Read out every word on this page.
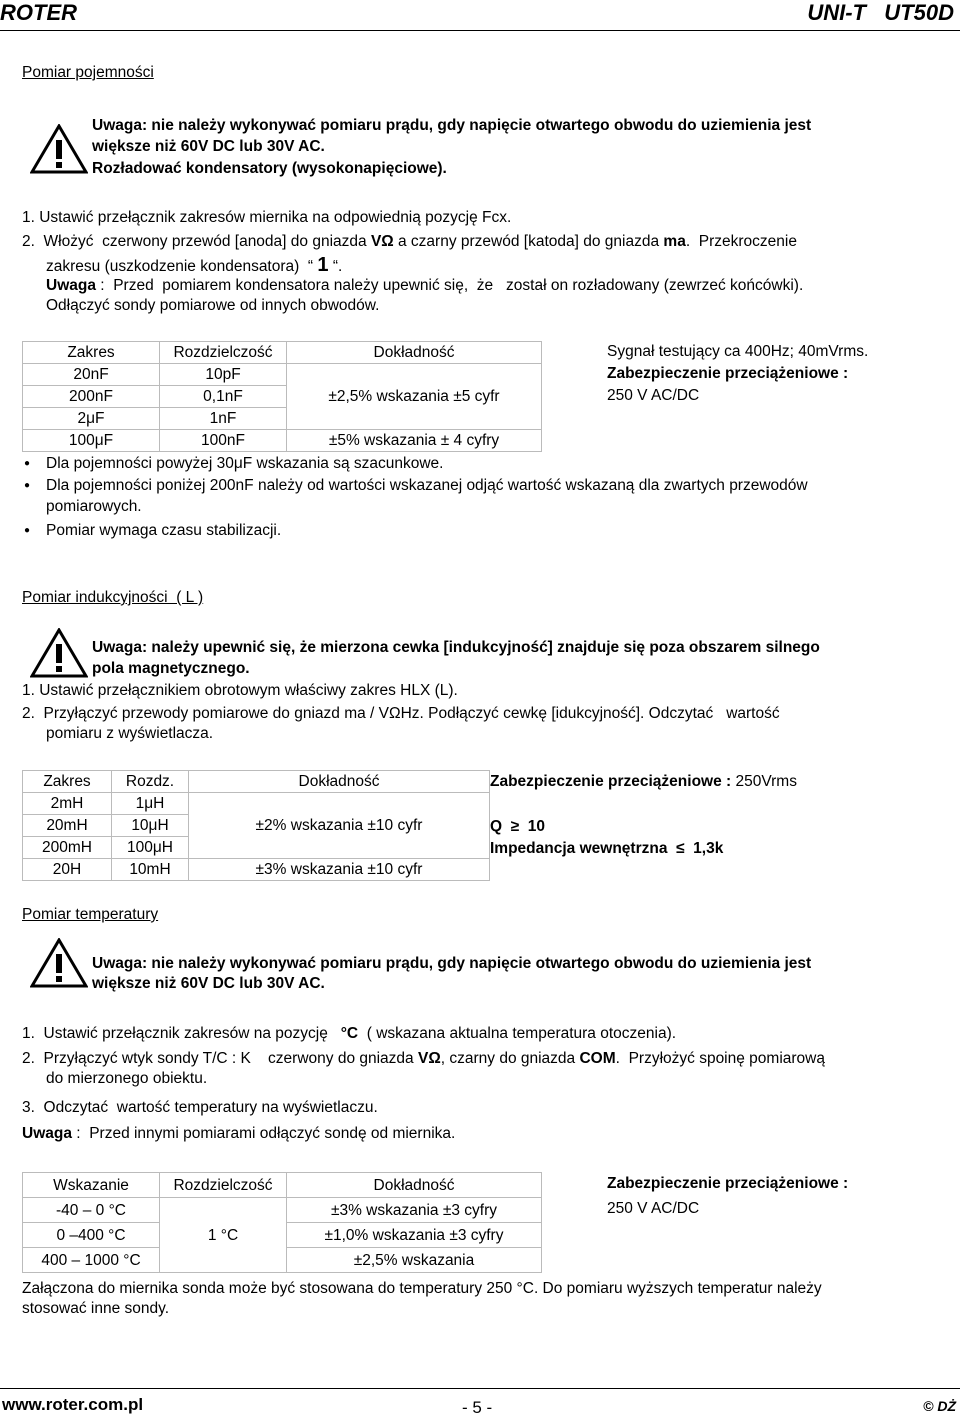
ROTER	UNI-T   UT50D
Pomiar pojemności
Uwaga: nie należy wykonywać pomiaru prądu, gdy napięcie otwartego obwodu do uziemienia jest
większe niż 60V DC lub 30V AC.
Rozładować kondensatory (wysokonapięciowe).
1. Ustawić przełącznik zakresów miernika na odpowiednią pozycję Fcx.
2.  Włożyć  czerwony przewód [anoda] do gniazda VΩ a czarny przewód [katoda] do gniazda ma.  Przekroczenie
zakresu (uszkodzenie kondensatora)  “ 1 “.
Uwaga :  Przed  pomiarem kondensatora należy upewnić się,  że   został on rozładowany (zewrzeć końcówki).
Odłączyć sondy pomiarowe od innych obwodów.
Zakres	Rozdzielczość	Dokładność
20nF	10pF	±2,5% wskazania ±5 cyfr
200nF	0,1nF	
2μF	1nF	
100μF	100nF	±5% wskazania ± 4 cyfry
Sygnał testujący ca 400Hz; 40mVrms.
Zabezpieczenie przeciążeniowe :
250 V AC/DC
● Dla pojemności powyżej 30μF wskazania są szacunkowe.
● Dla pojemności poniżej 200nF należy od wartości wskazanej odjąć wartość wskazaną dla zwartych przewodów
pomiarowych.
● Pomiar wymaga czasu stabilizacji.
Pomiar indukcyjności  ( L )
Uwaga: należy upewnić się, że mierzona cewka [indukcyjność] znajduje się poza obszarem silnego
pola magnetycznego.
1. Ustawić przełącznikiem obrotowym właściwy zakres HLX (L).
2.  Przyłączyć przewody pomiarowe do gniazd ma / VΩHz. Podłączyć cewkę [idukcyjność]. Odczytać   wartość
pomiaru z wyświetlacza.
Zakres	Rozdz.	Dokładność
2mH	1μH	±2% wskazania ±10 cyfr
20mH	10μH	
200mH	100μH	
20H	10mH	±3% wskazania ±10 cyfr
Zabezpieczenie przeciążeniowe : 250Vrms
Q  ≥  10
Impedancja wewnętrzna  ≤  1,3k
Pomiar temperatury
Uwaga: nie należy wykonywać pomiaru prądu, gdy napięcie otwartego obwodu do uziemienia jest
większe niż 60V DC lub 30V AC.
1.  Ustawić przełącznik zakresów na pozycję   °C  ( wskazana aktualna temperatura otoczenia).
2.  Przyłączyć wtyk sondy T/C : K    czerwony do gniazda VΩ, czarny do gniazda COM.  Przyłożyć spoinę pomiarową
do mierzonego obiektu.
3.  Odczytać  wartość temperatury na wyświetlaczu.
Uwaga :  Przed innymi pomiarami odłączyć sondę od miernika.
Wskazanie	Rozdzielczość	Dokładność
-40 – 0 °C	1 °C	±3% wskazania ±3 cyfry
0 –400 °C		±1,0% wskazania ±3 cyfry
400 – 1000 °C		±2,5% wskazania
Zabezpieczenie przeciążeniowe :
250 V AC/DC
Załączona do miernika sonda może być stosowana do temperatury 250 °C. Do pomiaru wyższych temperatur należy
stosować inne sondy.
www.roter.com.pl	- 5 -	© DŻ
